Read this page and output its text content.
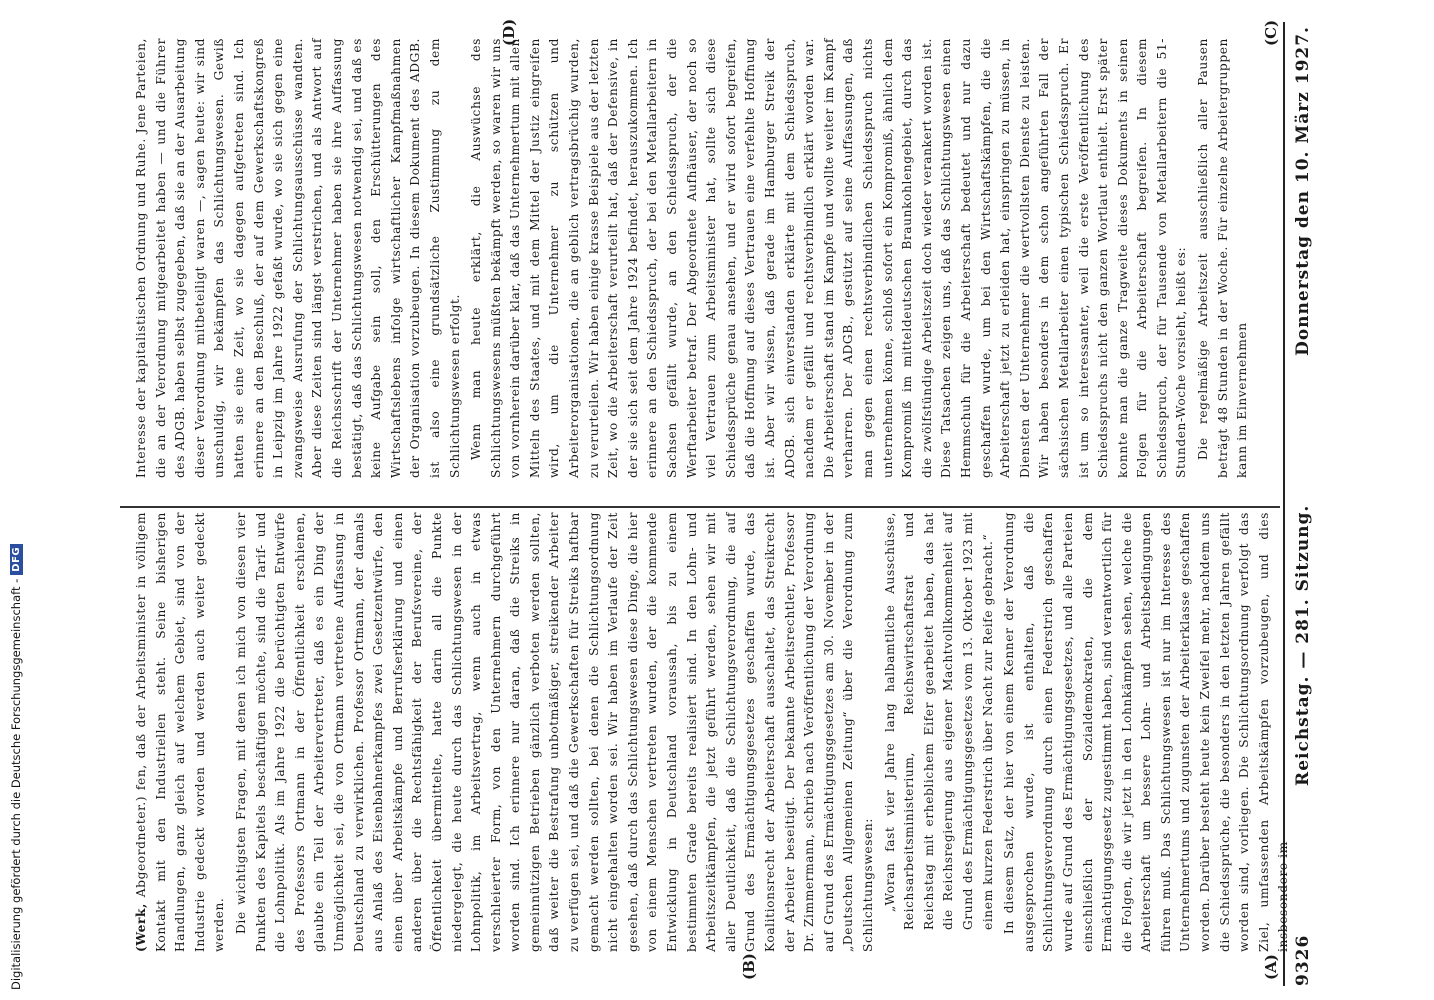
Digitalisierung gefördert durch die Deutsche Forschungsgemeinschaft -
DFG
9326
Reichstag. — 281. Sitzung.
Donnerstag den 10. März 1927.
(A)
(B)
(C)
(D)

(Werk, Abgeordneter.) fen, daß der Arbeitsminister in völligem Kontakt mit den Industriellen steht. Seine bisherigen Handlungen, ganz gleich auf welchem Gebiet, sind von der Industrie gedeckt worden und werden auch weiter gedeckt werden. Die wichtigsten Fragen, mit denen ich mich von diesen vier Punkten des Kapitels beschäftigen möchte, sind die Tarif- und die Lohnpolitik. Als im Jahre 1922 die berüchtigten Entwürfe des Professors Ortmann in der Öffentlichkeit erschienen, glaubte ein Teil der Arbeitervertreter, daß es ein Ding der Unmöglichkeit sei, die von Ortmann vertretene Auffassung in Deutschland zu verwirklichen. Professor Ortmann, der damals aus Anlaß des Eisenbahnerkampfes zwei Gesetzentwürfe, den einen über Arbeitskämpfe und Berrufserklärung und einen anderen über die Rechtsfähigkeit der Berufsvereine, der Öffentlichkeit übermittelte, hatte darin all die Punkte niedergelegt, die heute durch das Schlichtungswesen in der Lohnpolitik, im Arbeitsvertrag, wenn auch in etwas verschleierter Form, von den Unternehmern durchgeführt worden sind. Ich erinnere nur daran, daß die Streiks in gemeinnützigen Betrieben gänzlich verboten werden sollten, daß weiter die Bestrafung unbotmäßiger, streikender Arbeiter zu verfügen sei, und daß die Gewerkschaften für Streiks haftbar gemacht werden sollten, bei denen die Schlichtungsordnung nicht eingehalten worden sei. Wir haben im Verlaufe der Zeit gesehen, daß durch das Schlichtungswesen diese Dinge, die hier von einem Menschen vertreten wurden, der die kommende Entwicklung in Deutschland voraussah, bis zu einem bestimmten Grade bereits realisiert sind. In den Lohn- und Arbeitszeitkämpfen, die jetzt geführt werden, sehen wir mit aller Deutlichkeit, daß die Schlichtungsverordnung, die auf Grund des Ermächtigungsgesetzes geschaffen wurde, das Koalitionsrecht der Arbeiterschaft ausschaltet, das Streikrecht der Arbeiter beseitigt. Der bekannte Arbeitsrechtler, Professor Dr. Zimmermann, schrieb nach Veröffentlichung der Verordnung auf Grund des Ermächtigungsgesetzes am 30. November in der „Deutschen Allgemeinen Zeitung“ über die Verordnung zum Schlichtungswesen: „Woran fast vier Jahre lang halbamtliche Ausschüsse, Reichsarbeitsministerium, Reichswirtschaftsrat und Reichstag mit erheblichem Eifer gearbeitet haben, das hat die Reichsregierung aus eigener Machtvollkommenheit auf Grund des Ermächtigungsgesetzes vom 13. Oktober 1923 mit einem kurzen Federstrich über Nacht zur Reife gebracht.“ In diesem Satz, der hier von einem Kenner der Verordnung ausgesprochen wurde, ist enthalten, daß die Schlichtungsverordnung durch einen Federstrich geschaffen wurde auf Grund des Ermächtigungsgesetzes, und alle Parteien einschließlich der Sozialdemokraten, die dem Ermächtigungsgesetz zugestimmt haben, sind verantwortlich für die Folgen, die wir jetzt in den Lohnkämpfen sehen, welche die Arbeiterschaft um bessere Lohn- und Arbeitsbedingungen führen muß. Das Schlichtungswesen ist nur im Interesse des Unternehmertums und zugunsten der Arbeiterklasse geschaffen worden. Darüber besteht heute kein Zweifel mehr, nachdem uns die Schiedssprüche, die besonders in den letzten Jahren gefällt worden sind, vorliegen. Die Schlichtungsordnung verfolgt das Ziel, umfassenden Arbeitskämpfen vorzubeugen, und dies insbesondere im

Interesse der kapitalistischen Ordnung und Ruhe. Jene Parteien, die an der Verordnung mitgearbeitet haben — und die Führer des ADGB. haben selbst zugegeben, daß sie an der Ausarbeitung dieser Verordnung mitbeteiligt waren —, sagen heute: wir sind unschuldig, wir bekämpfen das Schlichtungswesen. Gewiß hatten sie eine Zeit, wo sie dagegen aufgetreten sind. Ich erinnere an den Beschluß, der auf dem Gewerkschaftskongreß in Leipzig im Jahre 1922 gefaßt wurde, wo sie sich gegen eine zwangsweise Ausrufung der Schlichtungsausschüsse wandten. Aber diese Zeiten sind längst verstrichen, und als Antwort auf die Reichsschrift der Unternehmer haben sie ihre Auffassung bestätigt, daß das Schlichtungswesen notwendig sei, und daß es keine Aufgabe sein soll, den Erschütterungen des Wirtschaftslebens infolge wirtschaftlicher Kampfmaßnahmen der Organisation vorzubeugen. In diesem Dokument des ADGB. ist also eine grundsätzliche Zustimmung zu dem Schlichtungswesen erfolgt. Wenn man heute erklärt, die Auswüchse des Schlichtungswesens müßten bekämpft werden, so waren wir uns von vornherein darüber klar, daß das Unternehmertum mit allen Mitteln des Staates, und mit dem Mittel der Justiz eingreifen wird, um die Unternehmer zu schützen und Arbeiterorganisationen, die an geblich vertragsbrüchig wurden, zu verurteilen. Wir haben einige krasse Beispiele aus der letzten Zeit, wo die Arbeiterschaft verurteilt hat, daß der Defensive, in der sie sich seit dem Jahre 1924 befindet, herauszukommen. Ich erinnere an den Schiedsspruch, der bei den Metallarbeitern in Sachsen gefällt wurde, an den Schiedsspruch, der die Werftarbeiter betraf. Der Abgeordnete Aufhäuser, der noch so viel Vertrauen zum Arbeitsminister hat, sollte sich diese Schiedssprüche genau ansehen, und er wird sofort begreifen, daß die Hoffnung auf dieses Vertrauen eine verfehlte Hoffnung ist. Aber wir wissen, daß gerade im Hamburger Streik der ADGB. sich einverstanden erklärte mit dem Schiedsspruch, nachdem er gefällt und rechtsverbindlich erklärt worden war. Die Arbeiterschaft stand im Kampfe und wollte weiter im Kampf verharren. Der ADGB., gestützt auf seine Auffassungen, daß man gegen einen rechtsverbindlichen Schiedsspruch nichts unternehmen könne, schloß sofort ein Kompromiß, ähnlich dem Kompromiß im mitteldeutschen Braunkohlengebiet, durch das die zwölfstündige Arbeitszeit doch wieder verankert worden ist. Diese Tatsachen zeigen uns, daß das Schlichtungswesen einen Hemmschuh für die Arbeiterschaft bedeutet und nur dazu geschaffen wurde, um bei den Wirtschaftskämpfen, die die Arbeiterschaft jetzt zu erleiden hat, einspringen zu müssen, in Diensten der Unternehmer die wertvollsten Dienste zu leisten. Wir haben besonders in dem schon angeführten Fall der sächsischen Metallarbeiter einen typischen Schiedsspruch. Er ist um so interessanter, weil die erste Veröffentlichung des Schiedsspruchs nicht den ganzen Wortlaut enthielt. Erst später konnte man die ganze Tragweite dieses Dokuments in seinen Folgen für die Arbeiterschaft begreifen. In diesem Schiedsspruch, der für Tausende von Metallarbeitern die 51-Stunden-Woche vorsieht, heißt es: Die regelmäßige Arbeitszeit ausschließlich aller Pausen beträgt 48 Stunden in der Woche. Für einzelne Arbeitergruppen kann im Einvernehmen
